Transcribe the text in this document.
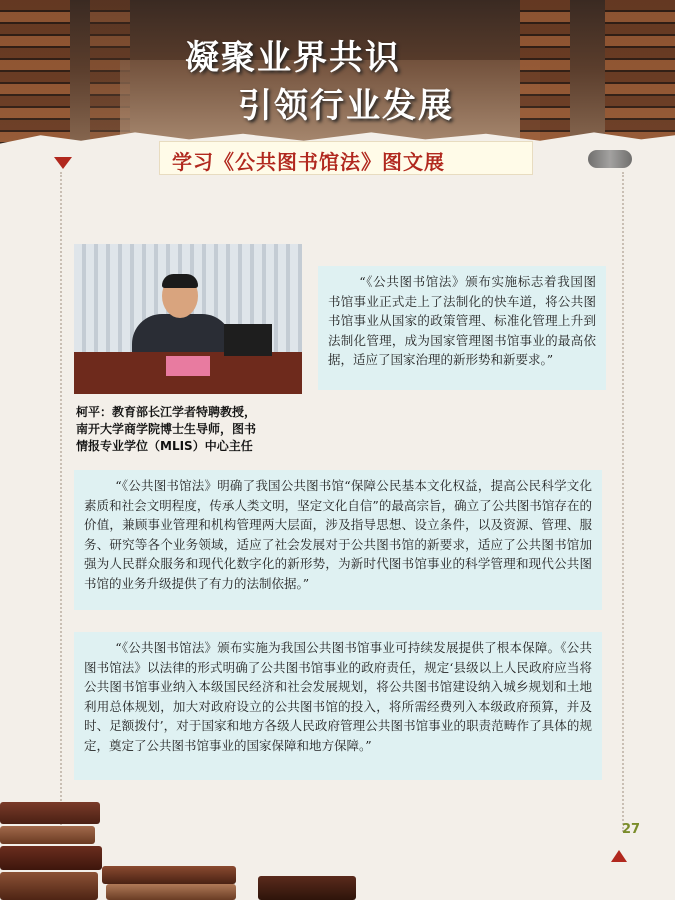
凝聚业界共识
引领行业发展
学习《公共图书馆法》图文展
柯平：教育部长江学者特聘教授，
南开大学商学院博士生导师，图书
情报专业学位（MLIS）中心主任
“《公共图书馆法》颁布实施标志着我国图书馆事业正式走上了法制化的快车道，将公共图书馆事业从国家的政策管理、标准化管理上升到法制化管理，成为国家管理图书馆事业的最高依据，适应了国家治理的新形势和新要求。”
“《公共图书馆法》明确了我国公共图书馆“保障公民基本文化权益，提高公民科学文化素质和社会文明程度，传承人类文明，坚定文化自信”的最高宗旨，确立了公共图书馆存在的价值，兼顾事业管理和机构管理两大层面，涉及指导思想、设立条件，以及资源、管理、服务、研究等各个业务领域，适应了社会发展对于公共图书馆的新要求，适应了公共图书馆加强为人民群众服务和现代化数字化的新形势，为新时代图书馆事业的科学管理和现代公共图书馆的业务升级提供了有力的法制依据。”
“《公共图书馆法》颁布实施为我国公共图书馆事业可持续发展提供了根本保障。《公共图书馆法》以法律的形式明确了公共图书馆事业的政府责任，规定‘县级以上人民政府应当将公共图书馆事业纳入本级国民经济和社会发展规划，将公共图书馆建设纳入城乡规划和土地利用总体规划，加大对政府设立的公共图书馆的投入，将所需经费列入本级政府预算，并及时、足额拨付’，对于国家和地方各级人民政府管理公共图书馆事业的职责范畴作了具体的规定，奠定了公共图书馆事业的国家保障和地方保障。”
27
